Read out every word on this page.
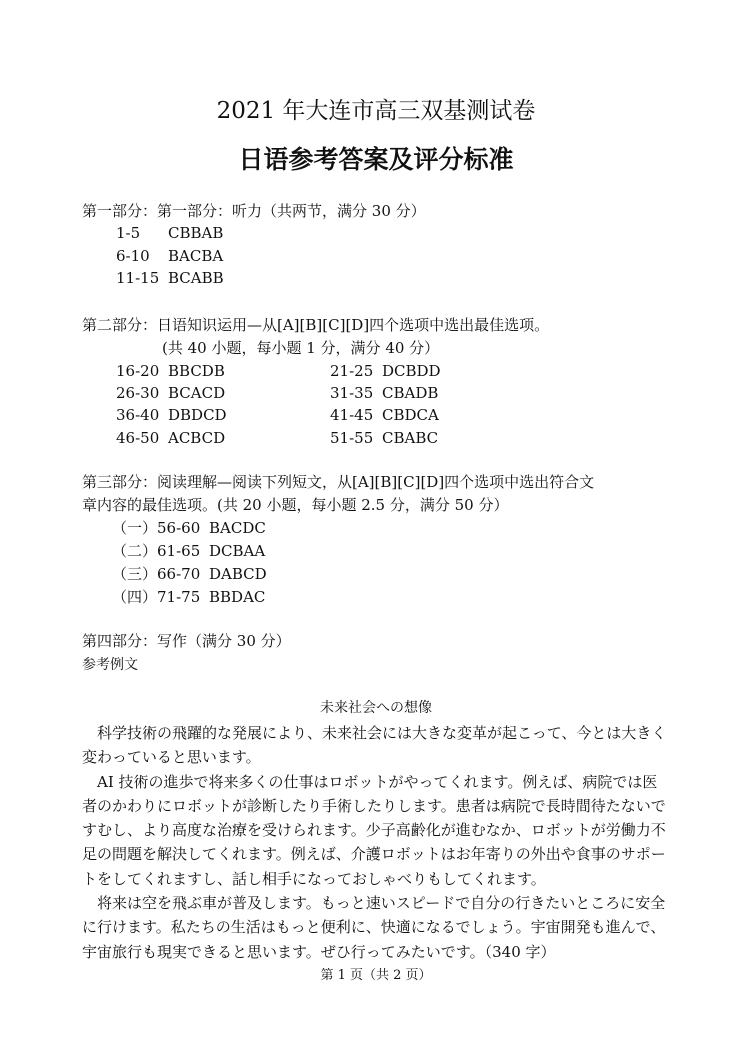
2021 年大连市高三双基测试卷
日语参考答案及评分标准
第一部分：第一部分：听力（共两节，满分 30 分）
1-5 CBBAB
6-10 BACBA
11-15 BCABB
第二部分：日语知识运用—从[A][B][C][D]四个选项中选出最佳选项。
(共 40 小题，每小题 1 分，满分 40 分）
16-20 BBCDB
26-30 BCACD
36-40 DBDCD
46-50 ACBCD
21-25 DCBDD
31-35 CBADB
41-45 CBDCA
51-55 CBABC
第三部分：阅读理解—阅读下列短文，从[A][B][C][D]四个选项中选出符合文
章内容的最佳选项。(共 20 小题，每小题 2.5 分，满分 50 分）
（一）56-60 BACDC
（二）61-65 DCBAA
（三）66-70 DABCD
（四）71-75 BBDAC
第四部分：写作（满分 30 分）
参考例文
未来社会への想像

科学技術の飛躍的な発展により、未来社会には大きな変革が起こって、今とは大きく変わっていると思います。

AI 技術の進歩で将来多くの仕事はロボットがやってくれます。例えば、病院では医者のかわりにロボットが診断したり手術したりします。患者は病院で長時間待たないですむし、より高度な治療を受けられます。少子高齢化が進むなか、ロボットが労働力不足の問題を解決してくれます。例えば、介護ロボットはお年寄りの外出や食事のサポートをしてくれますし、話し相手になっておしゃべりもしてくれます。

将来は空を飛ぶ車が普及します。もっと速いスピードで自分の行きたいところに安全に行けます。私たちの生活はもっと便利に、快適になるでしょう。宇宙開発も進んで、宇宙旅行も現実できると思います。ぜひ行ってみたいです。（340 字）

第 1 页（共 2 页）
